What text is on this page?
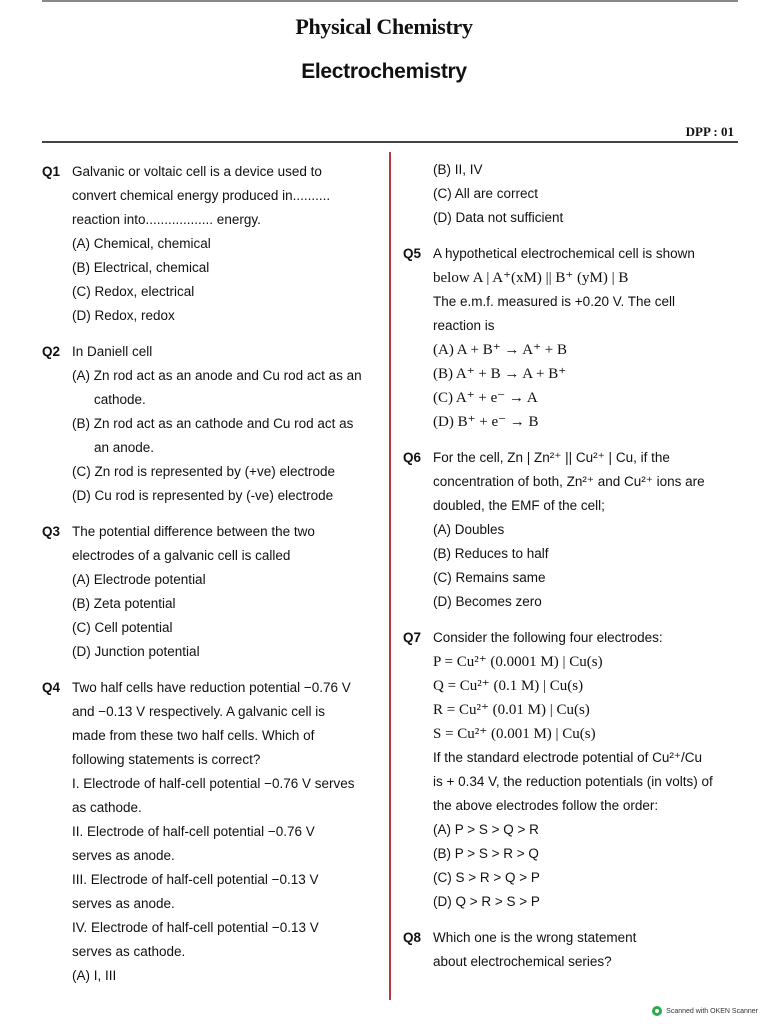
Physical Chemistry
Electrochemistry
DPP : 01
Q1 Galvanic or voltaic cell is a device used to
convert chemical energy produced in..........
reaction into.................. energy.
(A) Chemical, chemical
(B) Electrical, chemical
(C) Redox, electrical
(D) Redox, redox
Q2 In Daniell cell
(A) Zn rod act as an anode and Cu rod act as an
cathode.
(B) Zn rod act as an cathode and Cu rod act as
an anode.
(C) Zn rod is represented by (+ve) electrode
(D) Cu rod is represented by (-ve) electrode
Q3 The potential difference between the two
electrodes of a galvanic cell is called
(A) Electrode potential
(B) Zeta potential
(C) Cell potential
(D) Junction potential
Q4 Two half cells have reduction potential −0.76 V
and −0.13 V respectively. A galvanic cell is
made from these two half cells. Which of
following statements is correct?
I. Electrode of half-cell potential −0.76 V serves
as cathode.
II. Electrode of half-cell potential −0.76 V
serves as anode.
III. Electrode of half-cell potential −0.13 V
serves as anode.
IV. Electrode of half-cell potential −0.13 V
serves as cathode.
(A) I, III
(B) II, IV
(C) All are correct
(D) Data not sufficient
Q5 A hypothetical electrochemical cell is shown
below A | A⁺(xM) || B⁺ (yM) | B
The e.m.f. measured is +0.20 V. The cell
reaction is
(A) A + B⁺ → A⁺ + B
(B) A⁺ + B → A + B⁺
(C) A⁺ + e⁻ → A
(D) B⁺ + e⁻ → B
Q6 For the cell, Zn | Zn²⁺ || Cu²⁺ | Cu, if the
concentration of both, Zn²⁺ and Cu²⁺ ions are
doubled, the EMF of the cell;
(A) Doubles
(B) Reduces to half
(C) Remains same
(D) Becomes zero
Q7 Consider the following four electrodes:
P = Cu²⁺ (0.0001 M) | Cu(s)
Q = Cu²⁺ (0.1 M) | Cu(s)
R = Cu²⁺ (0.01 M) | Cu(s)
S = Cu²⁺ (0.001 M) | Cu(s)
If the standard electrode potential of Cu²⁺/Cu
is + 0.34 V, the reduction potentials (in volts) of
the above electrodes follow the order:
(A) P > S > Q > R
(B) P > S > R > Q
(C) S > R > Q > P
(D) Q > R > S > P
Q8 Which one is the wrong statement
about electrochemical series?
Scanned with OKEN Scanner
